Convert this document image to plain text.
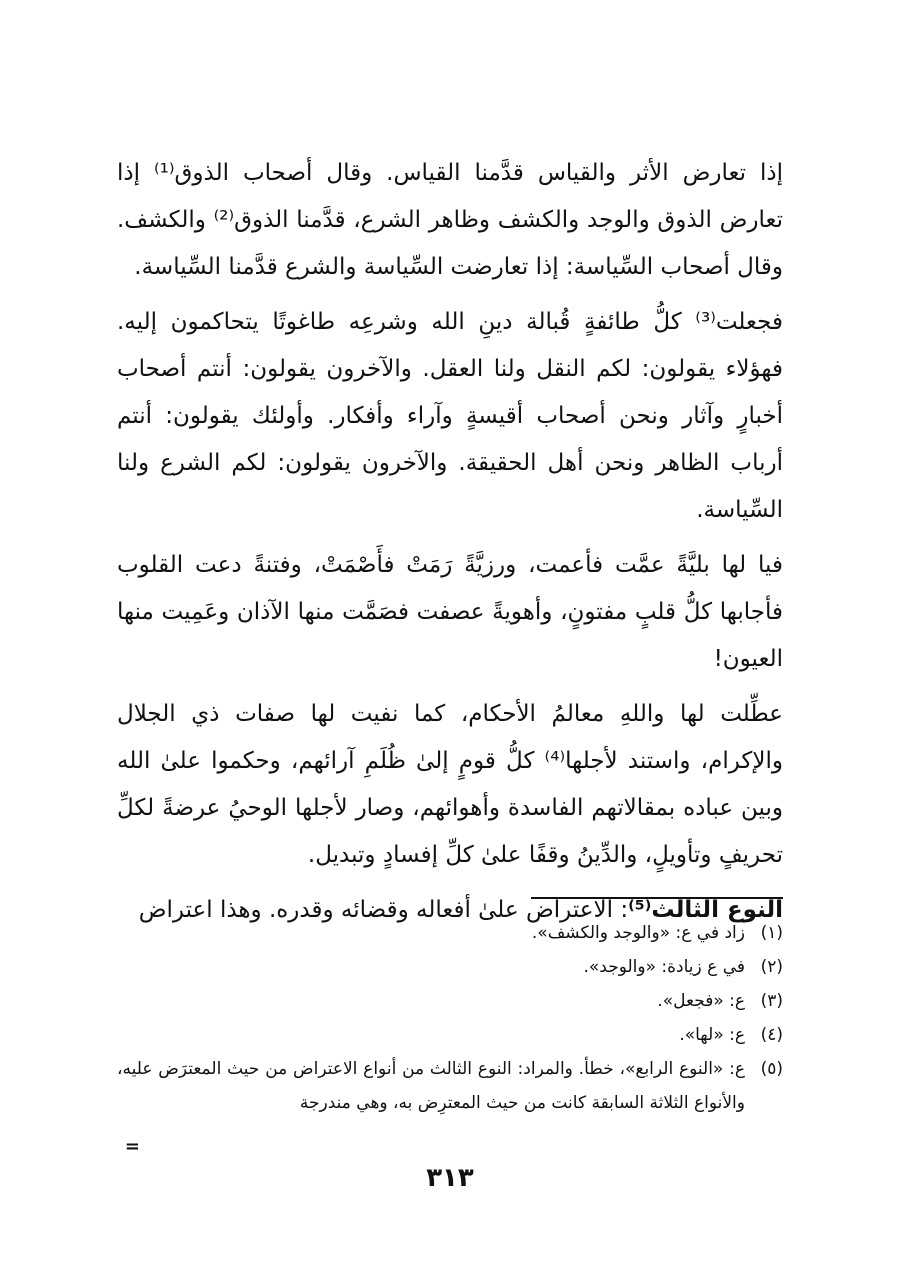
إذا تعارض الأثر والقياس قدَّمنا القياس. وقال أصحاب الذوق⁽¹⁾ إذا تعارض الذوق والوجد والكشف وظاهر الشرع، قدَّمنا الذوق⁽²⁾ والكشف. وقال أصحاب السِّياسة: إذا تعارضت السِّياسة والشرع قدَّمنا السِّياسة.

فجعلت⁽³⁾ كلُّ طائفةٍ قُبالة دينِ الله وشرعِه طاغوتًا يتحاكمون إليه. فهؤلاء يقولون: لكم النقل ولنا العقل. والآخرون يقولون: أنتم أصحاب أخبارٍ وآثار ونحن أصحاب أقيسةٍ وآراء وأفكار. وأولئك يقولون: أنتم أرباب الظاهر ونحن أهل الحقيقة. والآخرون يقولون: لكم الشرع ولنا السِّياسة.

فيا لها بليَّةً عمَّت فأعمت، ورزيَّةً رَمَتْ فأَصْمَتْ، وفتنةً دعت القلوب فأجابها كلُّ قلبٍ مفتونٍ، وأهويةً عصفت فصَمَّت منها الآذان وعَمِيت منها العيون!

عطِّلت لها واللهِ معالمُ الأحكام، كما نفيت لها صفات ذي الجلال والإكرام، واستند لأجلها⁽⁴⁾ كلُّ قومٍ إلىٰ ظُلَمِ آرائهم، وحكموا علىٰ الله وبين عباده بمقالاتهم الفاسدة وأهوائهم، وصار لأجلها الوحيُ عرضةً لكلِّ تحريفٍ وتأويلٍ، والدِّينُ وقفًا علىٰ كلِّ إفسادٍ وتبديل.

النوع الثالث⁽⁵⁾: الاعتراض علىٰ أفعاله وقضائه وقدره. وهذا اعتراض

(١)
زاد في ع: «والوجد والكشف».
(٢)
في ع زيادة: «والوجد».
(٣)
ع: «فجعل».
(٤)
ع: «لها».
(٥)
ع: «النوع الرابع»، خطأ. والمراد: النوع الثالث من أنواع الاعتراض من حيث المعترَض عليه، والأنواع الثلاثة السابقة كانت من حيث المعترِض به، وهي مندرجة
=
٣١٣
